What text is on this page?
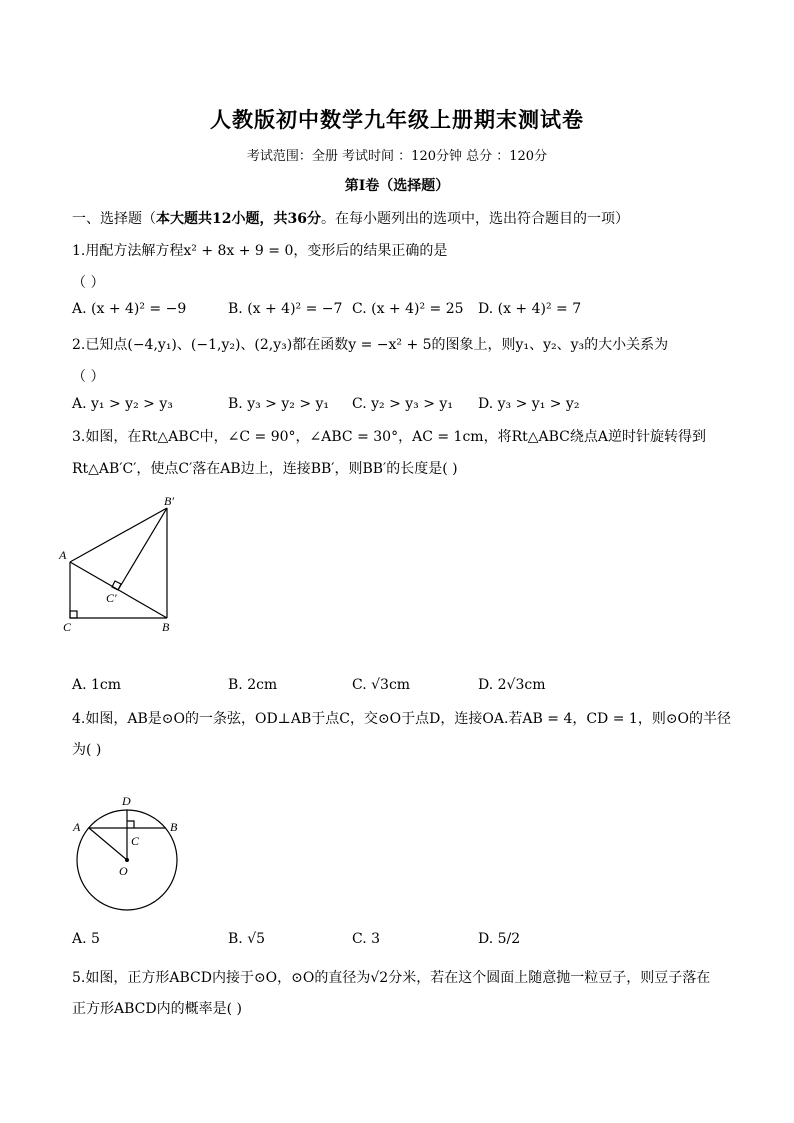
人教版初中数学九年级上册期末测试卷
考试范围：全册 考试时间 ：120分钟 总分 ：120分
第Ⅰ卷（选择题）
一、选择题（本大题共12小题，共36分。在每小题列出的选项中，选出符合题目的一项）
1.用配方法解方程x² + 8x + 9 = 0，变形后的结果正确的是
（ ）
A. (x + 4)² = −9	B. (x + 4)² = −7 C. (x + 4)² = 25 D. (x + 4)² = 7
2.已知点(−4,y₁)、(−1,y₂)、(2,y₃)都在函数y = −x² + 5的图象上，则y₁、y₂、y₃的大小关系为
（ ）
A. y₁ > y₂ > y₃	B. y₃ > y₂ > y₁ C. y₂ > y₃ > y₁ D. y₃ > y₁ > y₂
3.如图，在Rt△ABC中，∠C = 90°，∠ABC = 30°，AC = 1cm，将Rt△ABC绕点A逆时针旋转得到
Rt△AB′C′，使点C′落在AB边上，连接BB′，则BB′的长度是( )
A
B
C
B′
C′
A. 1cm	B. 2cm	C. √3cm	D. 2√3cm
4.如图，AB是⊙O的一条弦，OD⊥AB于点C，交⊙O于点D，连接OA.若AB = 4，CD = 1，则⊙O的半径
为( )
A	B
C
D
O
A. 5	B. √5	C. 3	D. 5/2
5.如图，正方形ABCD内接于⊙O，⊙O的直径为√2分米，若在这个圆面上随意抛一粒豆子，则豆子落在
正方形ABCD内的概率是( )
